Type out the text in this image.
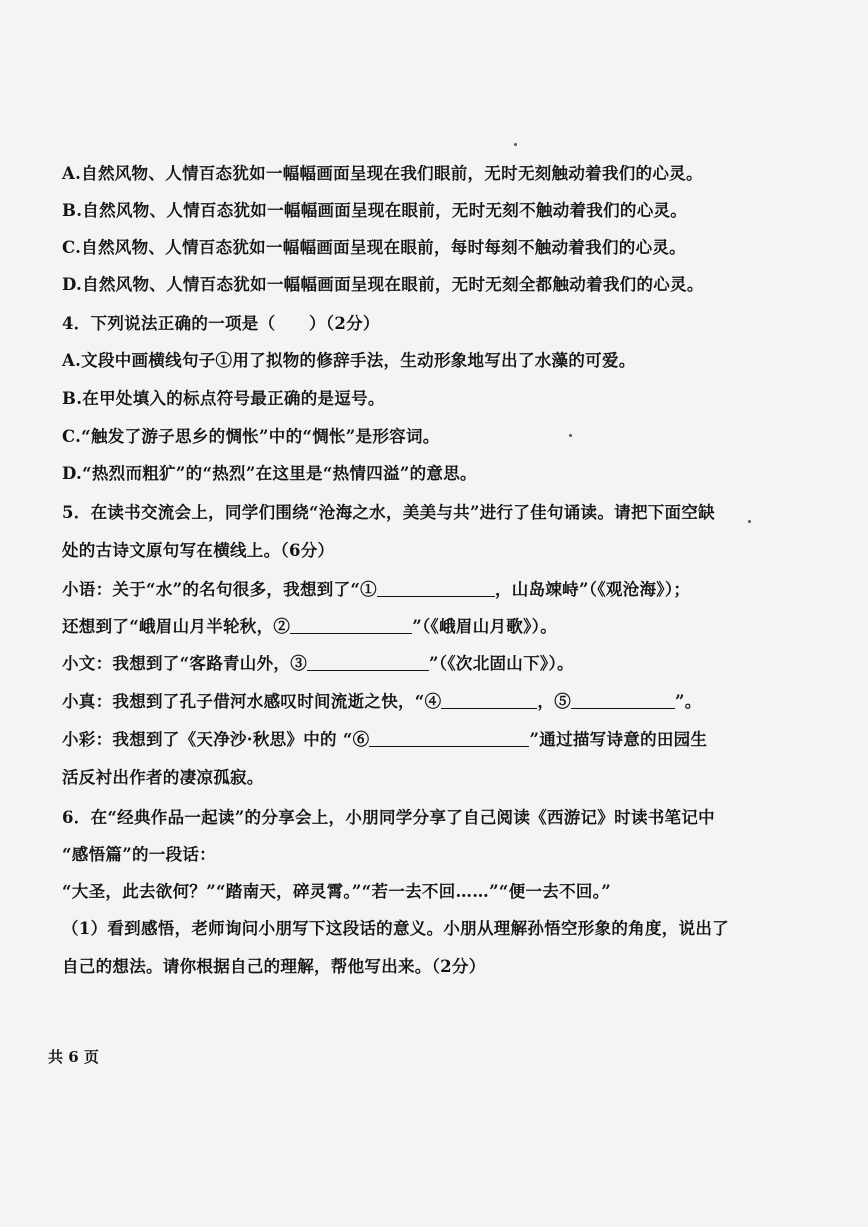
A.自然风物、人情百态犹如一幅幅画面呈现在我们眼前，无时无刻触动着我们的心灵。
B.自然风物、人情百态犹如一幅幅画面呈现在眼前，无时无刻不触动着我们的心灵。
C.自然风物、人情百态犹如一幅幅画面呈现在眼前，每时每刻不触动着我们的心灵。
D.自然风物、人情百态犹如一幅幅画面呈现在眼前，无时无刻全都触动着我们的心灵。
4．下列说法正确的一项是（　　）（2分）
A.文段中画横线句子①用了拟物的修辞手法，生动形象地写出了水藻的可爱。
B.在甲处填入的标点符号最正确的是逗号。
C.“触发了游子思乡的惆怅”中的“惆怅”是形容词。
D.“热烈而粗犷”的“热烈”在这里是“热情四溢”的意思。
5．在读书交流会上，同学们围绕“沧海之水，美美与共”进行了佳句诵读。请把下面空缺
处的古诗文原句写在横线上。（6分）
小语：关于“水”的名句很多，我想到了“①	，山岛竦峙”（《观沧海》）；
还想到了“峨眉山月半轮秋，②	”（《峨眉山月歌》）。
小文：我想到了“客路青山外，③	”（《次北固山下》）。
小真：我想到了孔子借河水感叹时间流逝之快，“④	，⑤	”。
小彩：我想到了《天净沙·秋思》中的 “⑥	”通过描写诗意的田园生
活反衬出作者的凄凉孤寂。
6．在“经典作品一起读”的分享会上，小朋同学分享了自己阅读《西游记》时读书笔记中
“感悟篇”的一段话：
“大圣，此去欲何？”“踏南天，碎灵霄。”“若一去不回……”“便一去不回。”
（1）看到感悟，老师询问小朋写下这段话的意义。小朋从理解孙悟空形象的角度，说出了
自己的想法。请你根据自己的理解，帮他写出来。（2分）
共 6 页
